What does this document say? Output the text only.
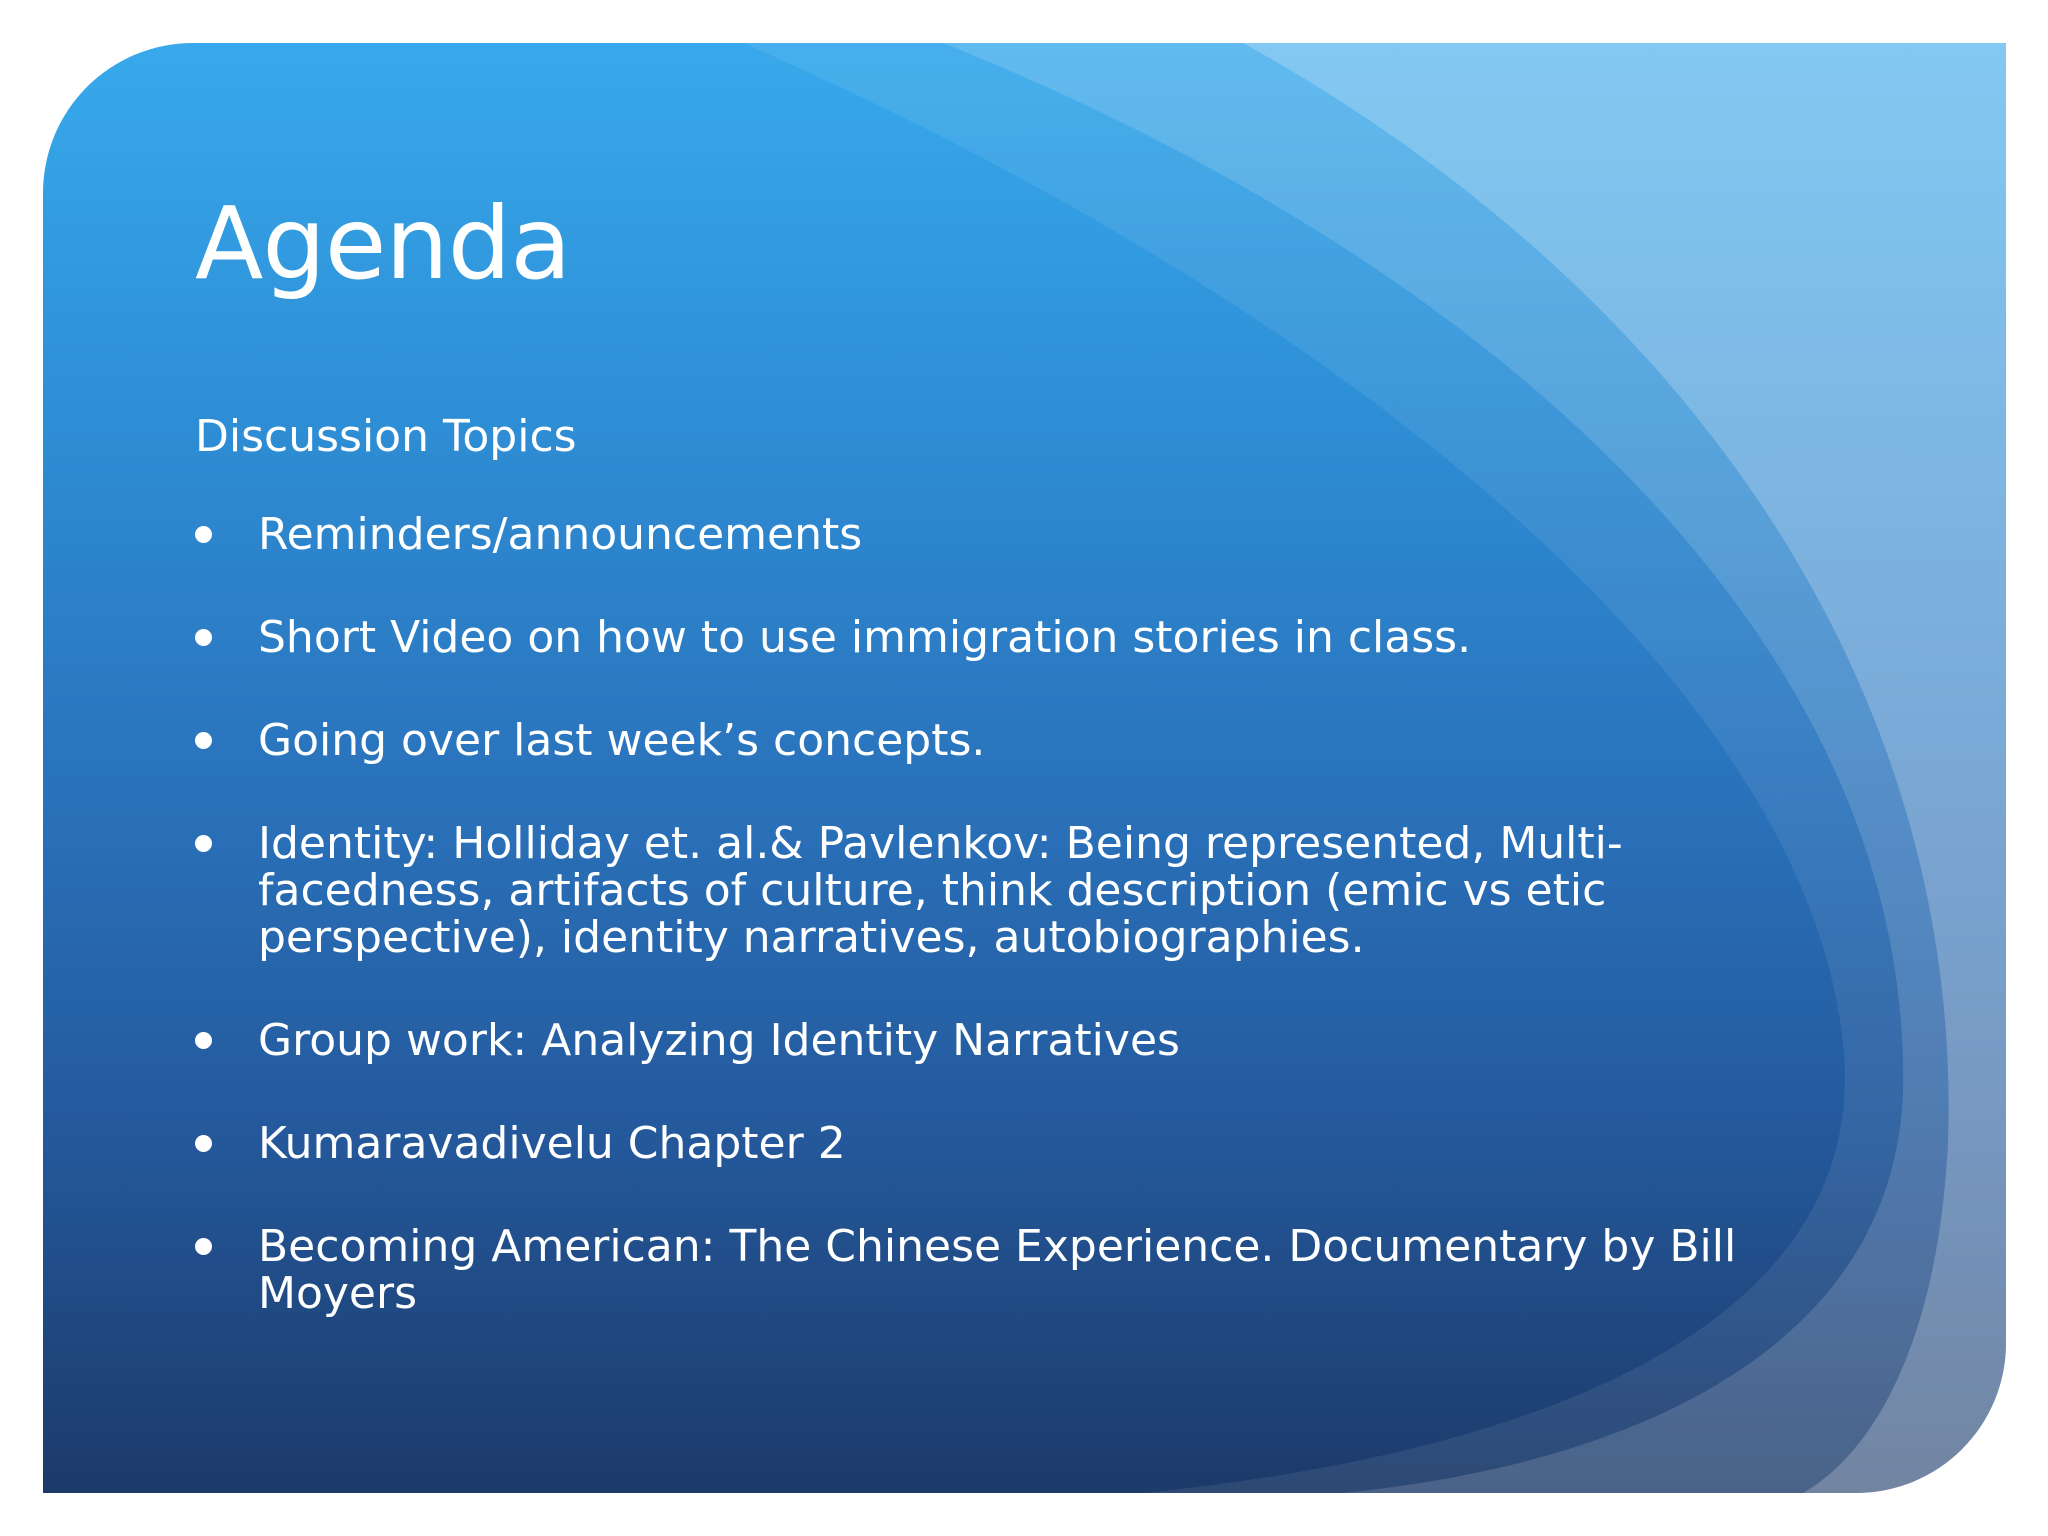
Agenda
Discussion Topics
Reminders/announcements
Short Video on how to use immigration stories in class.
Going over last week’s concepts.
Identity: Holliday et. al.& Pavlenkov: Being represented, Multi-facedness, artifacts of culture, think description (emic vs etic perspective), identity narratives, autobiographies.
Group work: Analyzing Identity Narratives
Kumaravadivelu Chapter 2
Becoming American: The Chinese Experience. Documentary by Bill Moyers
